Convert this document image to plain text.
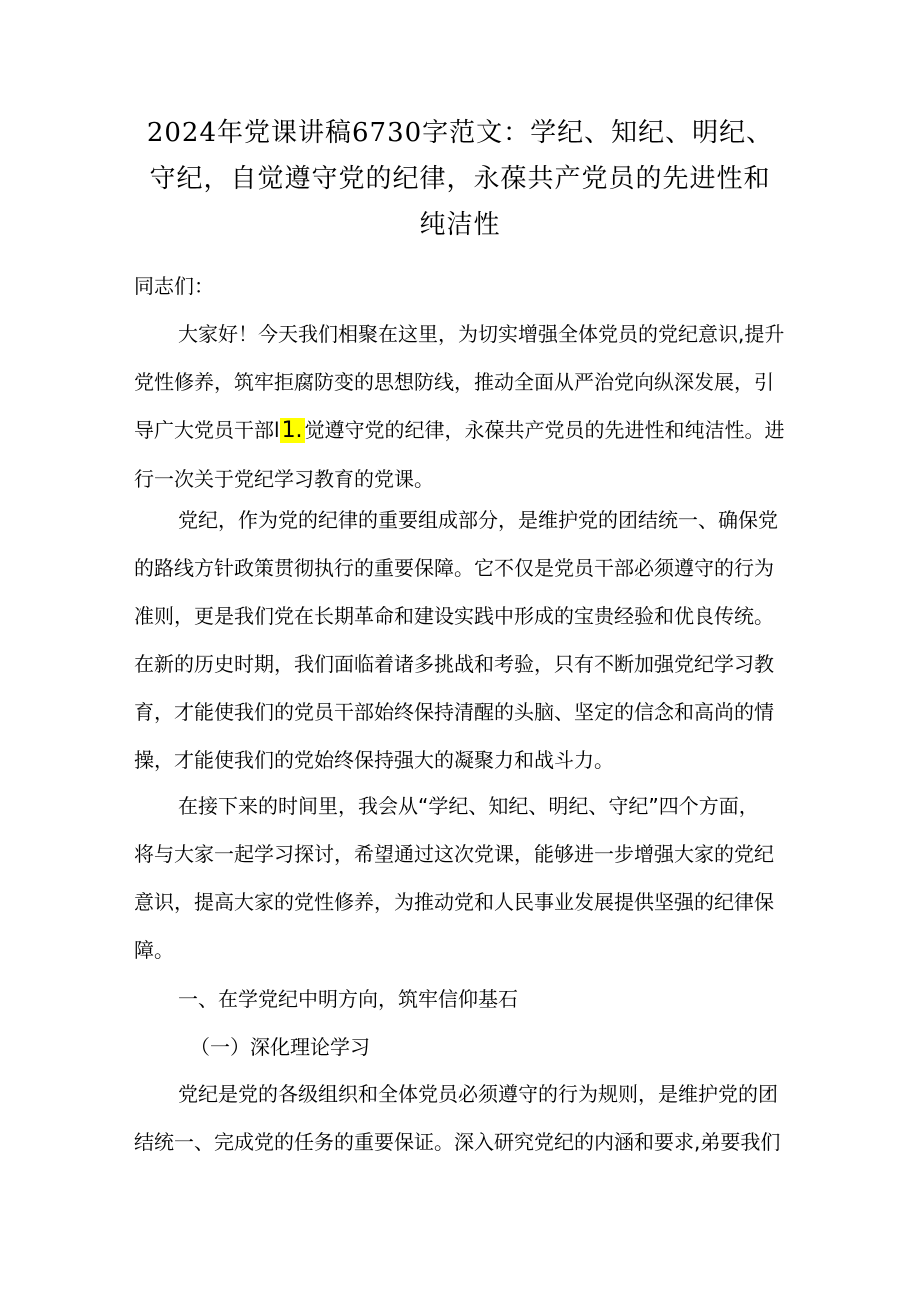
2024年党课讲稿6730字范文：学纪、知纪、明纪、
守纪，自觉遵守党的纪律，永葆共产党员的先进性和
纯洁性
同志们：
大家好！今天我们相聚在这里，为切实增强全体党员的党纪意识,提升
党性修养，筑牢拒腐防变的思想防线，推动全面从严治党向纵深发展，引
导广大党员干部l1. 觉遵守党的纪律，永葆共产党员的先进性和纯洁性。进
行一次关于党纪学习教育的党课。
党纪，作为党的纪律的重要组成部分，是维护党的团结统一、确保党
的路线方针政策贯彻执行的重要保障。它不仅是党员干部必须遵守的行为
准则，更是我们党在长期革命和建设实践中形成的宝贵经验和优良传统。
在新的历史时期，我们面临着诸多挑战和考验，只有不断加强党纪学习教
育，才能使我们的党员干部始终保持清醒的头脑、坚定的信念和高尚的情
操，才能使我们的党始终保持强大的凝聚力和战斗力。
在接下来的时间里，我会从“学纪、知纪、明纪、守纪”四个方面，
将与大家一起学习探讨，希望通过这次党课，能够进一步增强大家的党纪
意识，提高大家的党性修养，为推动党和人民事业发展提供坚强的纪律保
障。
一、在学党纪中明方向，筑牢信仰基石
（一）深化理论学习
党纪是党的各级组织和全体党员必须遵守的行为规则，是维护党的团
结统一、完成党的任务的重要保证。深入研究党纪的内涵和要求,弟要我们
